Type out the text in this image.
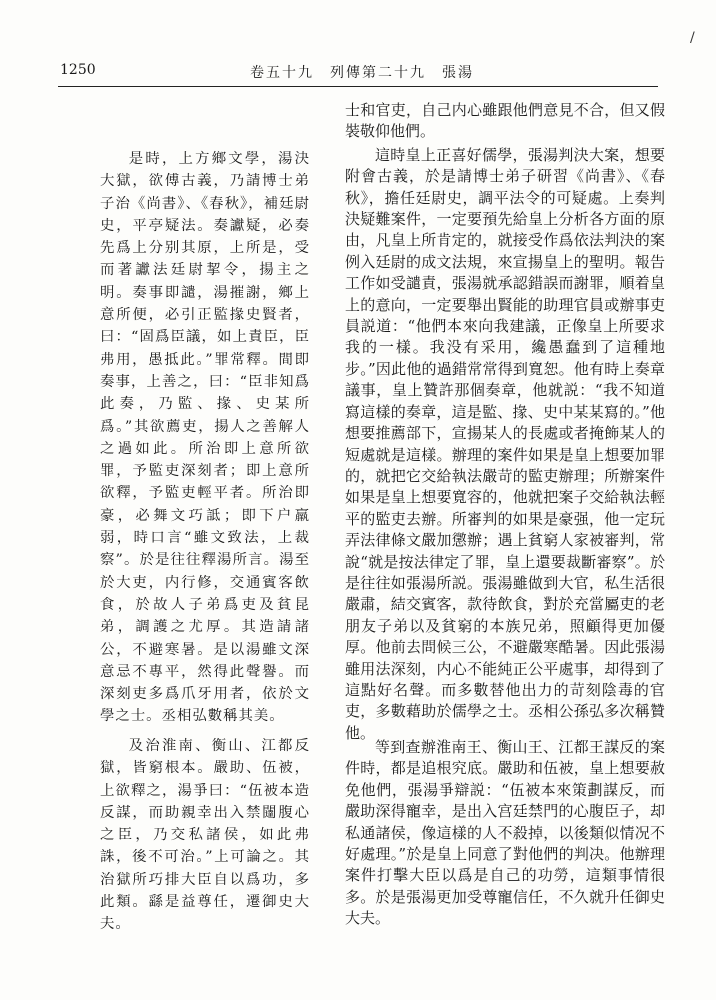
1250	卷五十九　列傳第二十九　張湯
/

是時，上方鄉文學，湯決大獄，欲傅古義，乃請博士弟子治《尚書》、《春秋》，補廷尉史，平亭疑法。奏讞疑，必奏先爲上分别其原，上所是，受而著讞法廷尉挈令，揚主之明。奏事即譴，湯摧謝，鄉上意所便，必引正監掾史賢者，曰：“固爲臣議，如上責臣，臣弗用，愚抵此。”罪常釋。間即奏事，上善之，曰：“臣非知爲此奏，乃監、掾、史某所爲。”其欲薦吏，揚人之善解人之過如此。所治即上意所欲罪，予監吏深刻者；即上意所欲釋，予監吏輕平者。所治即豪，必舞文巧詆；即下户羸弱，時口言“雖文致法，上裁察”。於是往往釋湯所言。湯至於大吏，内行修，交通賓客飲食，於故人子弟爲吏及貧昆弟，調護之尤厚。其造請諸公，不避寒暑。是以湯雖文深意忌不專平，然得此聲譽。而深刻吏多爲爪牙用者，依於文學之士。丞相弘數稱其美。

及治淮南、衡山、江都反獄，皆窮根本。嚴助、伍被，上欲釋之，湯爭曰：“伍被本造反謀，而助親幸出入禁闥腹心之臣，乃交私諸侯，如此弗誅，後不可治。”上可論之。其治獄所巧排大臣自以爲功，多此類。繇是益尊任，遷御史大夫。

士和官吏，自己内心雖跟他們意見不合，但又假裝敬仰他們。

這時皇上正喜好儒學，張湯判決大案，想要附會古義，於是請博士弟子研習《尚書》、《春秋》，擔任廷尉史，調平法令的可疑處。上奏判決疑難案件，一定要預先給皇上分析各方面的原由，凡皇上所肯定的，就接受作爲依法判決的案例入廷尉的成文法規，來宣揚皇上的聖明。報告工作如受譴責，張湯就承認錯誤而謝罪，順着皇上的意向，一定要舉出賢能的助理官員或辦事吏員説道：“他們本來向我建議，正像皇上所要求我的一樣。我没有采用，纔愚蠢到了這種地步。”因此他的過錯常常得到寬恕。他有時上奏章議事，皇上贊許那個奏章，他就説：“我不知道寫這樣的奏章，這是監、掾、史中某某寫的。”他想要推薦部下，宣揚某人的長處或者掩飾某人的短處就是這樣。辦理的案件如果是皇上想要加罪的，就把它交給執法嚴苛的監吏辦理；所辦案件如果是皇上想要寬容的，他就把案子交給執法輕平的監吏去辦。所審判的如果是豪强，他一定玩弄法律條文嚴加懲辦；遇上貧窮人家被審判，常說“就是按法律定了罪，皇上還要裁斷審察”。於是往往如張湯所説。張湯雖做到大官，私生活很嚴肅，結交賓客，款待飲食，對於充當屬吏的老朋友子弟以及貧窮的本族兄弟，照顧得更加優厚。他前去問候三公，不避嚴寒酷暑。因此張湯雖用法深刻，内心不能純正公平處事，却得到了這點好名聲。而多數替他出力的苛刻陰毒的官吏，多數藉助於儒學之士。丞相公孫弘多次稱贊他。

等到查辦淮南王、衡山王、江都王謀反的案件時，都是追根究底。嚴助和伍被，皇上想要赦免他們，張湯爭辯説：“伍被本來策劃謀反，而嚴助深得寵幸，是出入宫廷禁門的心腹臣子，却私通諸侯，像這樣的人不殺掉，以後類似情况不好處理。”於是皇上同意了對他們的判决。他辦理案件打擊大臣以爲是自己的功勞，這類事情很多。於是張湯更加受尊寵信任，不久就升任御史大夫。
